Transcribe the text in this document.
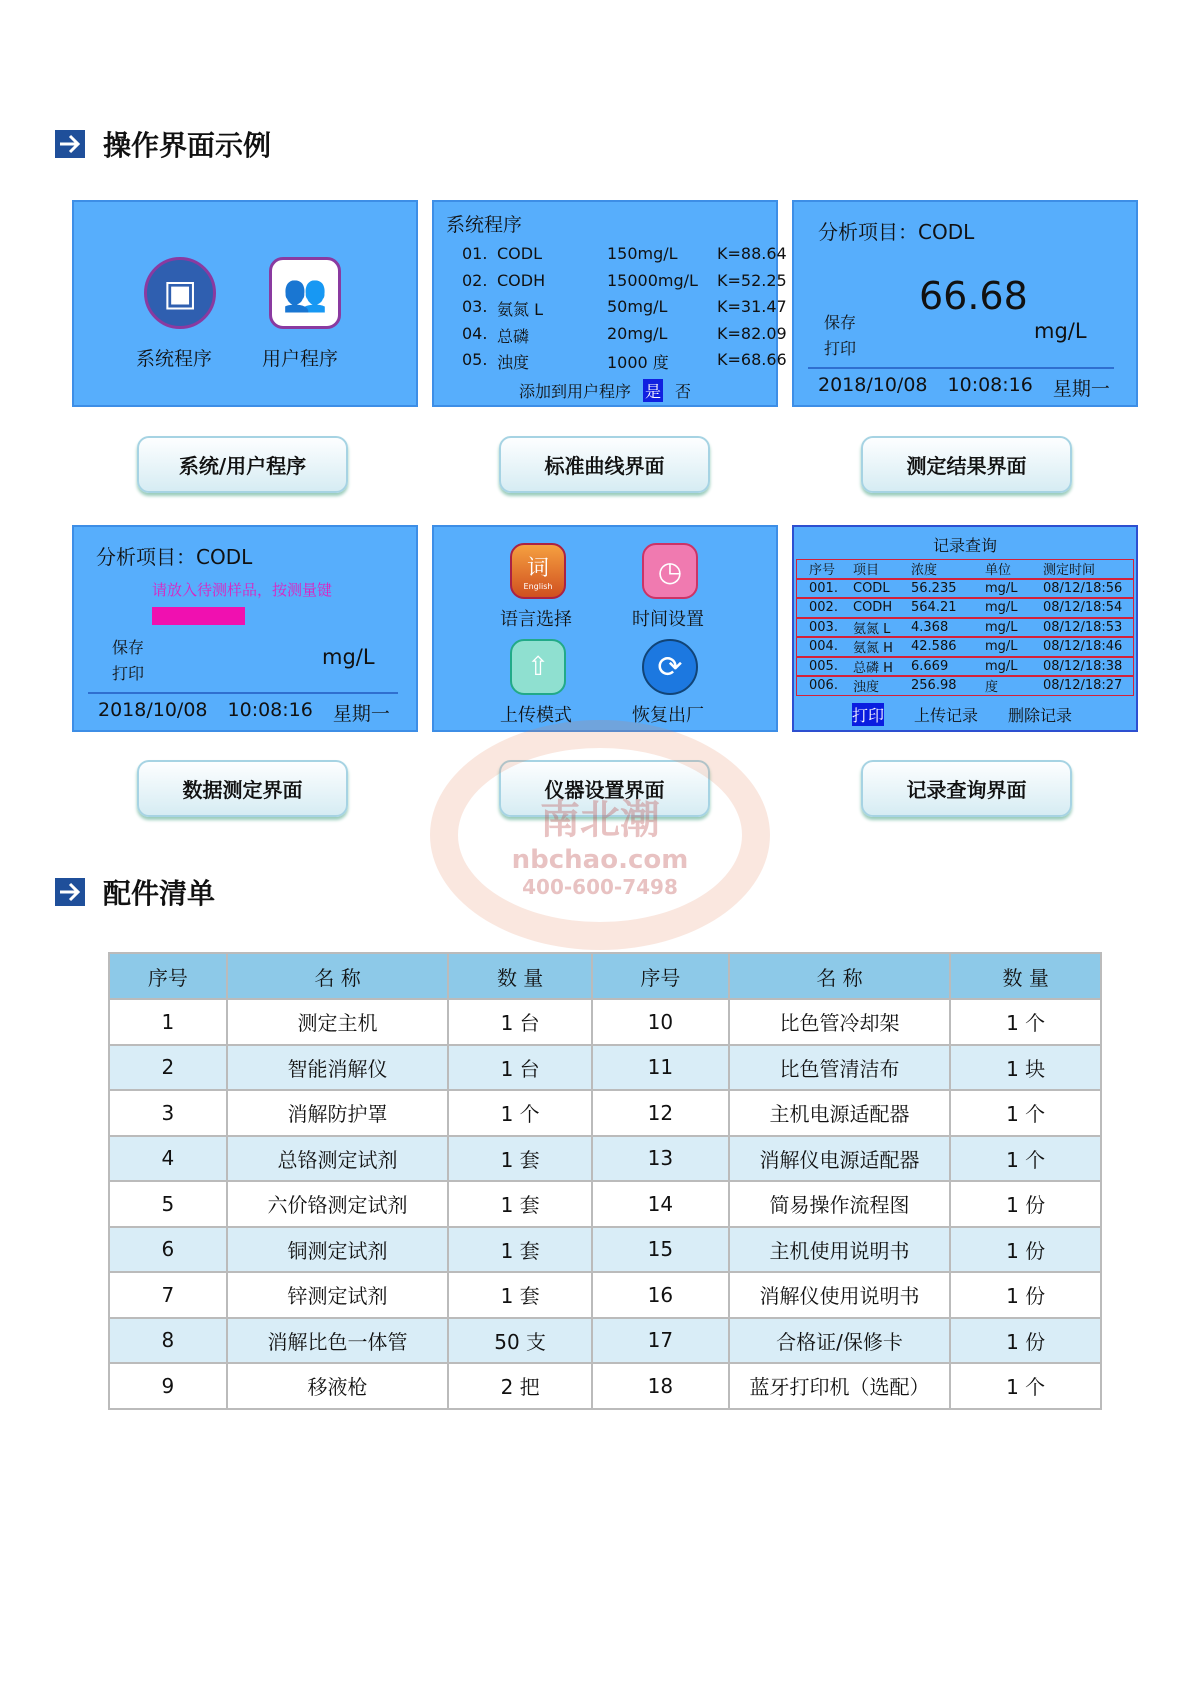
操作界面示例
▣	👥
系统程序	用户程序
系统/用户程序
系统程序
01. CODL	150mg/L	K=88.64
02. CODH	15000mg/L	K=52.25
03. 氨氮 L	50mg/L	K=31.47
04. 总磷	20mg/L	K=82.09
05. 浊度	1000 度	K=68.66
添加到用户程序 是 否
标准曲线界面
分析项目：CODL
66.68
mg/L
保存
打印
2018/10/08 10:08:16 星期一
测定结果界面
分析项目：CODL
请放入待测样品，按测量键
保存
打印
mg/L
2018/10/08 10:08:16 星期一
数据测定界面
词
English	◷
⇧	⟳
语言选择	时间设置
上传模式	恢复出厂
仪器设置界面
记录查询
序号	项目	浓度	单位	测定时间
001.	CODL	56.235	mg/L	08/12/18:56
002.	CODH	564.21	mg/L	08/12/18:54
003.	氨氮 L	4.368	mg/L	08/12/18:53
004.	氨氮 H	42.586	mg/L	08/12/18:46
005.	总磷 H	6.669	mg/L	08/12/18:38
006.	浊度	256.98	度	08/12/18:27
打印 上传记录 删除记录
记录查询界面
南北潮
nbchao.com
400-600-7498
配件清单
序号	名 称	数 量	序号	名 称	数 量
1	测定主机	1 台	10	比色管冷却架	1 个
2	智能消解仪	1 台	11	比色管清洁布	1 块
3	消解防护罩	1 个	12	主机电源适配器	1 个
4	总铬测定试剂	1 套	13	消解仪电源适配器	1 个
5	六价铬测定试剂	1 套	14	简易操作流程图	1 份
6	铜测定试剂	1 套	15	主机使用说明书	1 份
7	锌测定试剂	1 套	16	消解仪使用说明书	1 份
8	消解比色一体管	50 支	17	合格证/保修卡	1 份
9	移液枪	2 把	18	蓝牙打印机（选配）	1 个
